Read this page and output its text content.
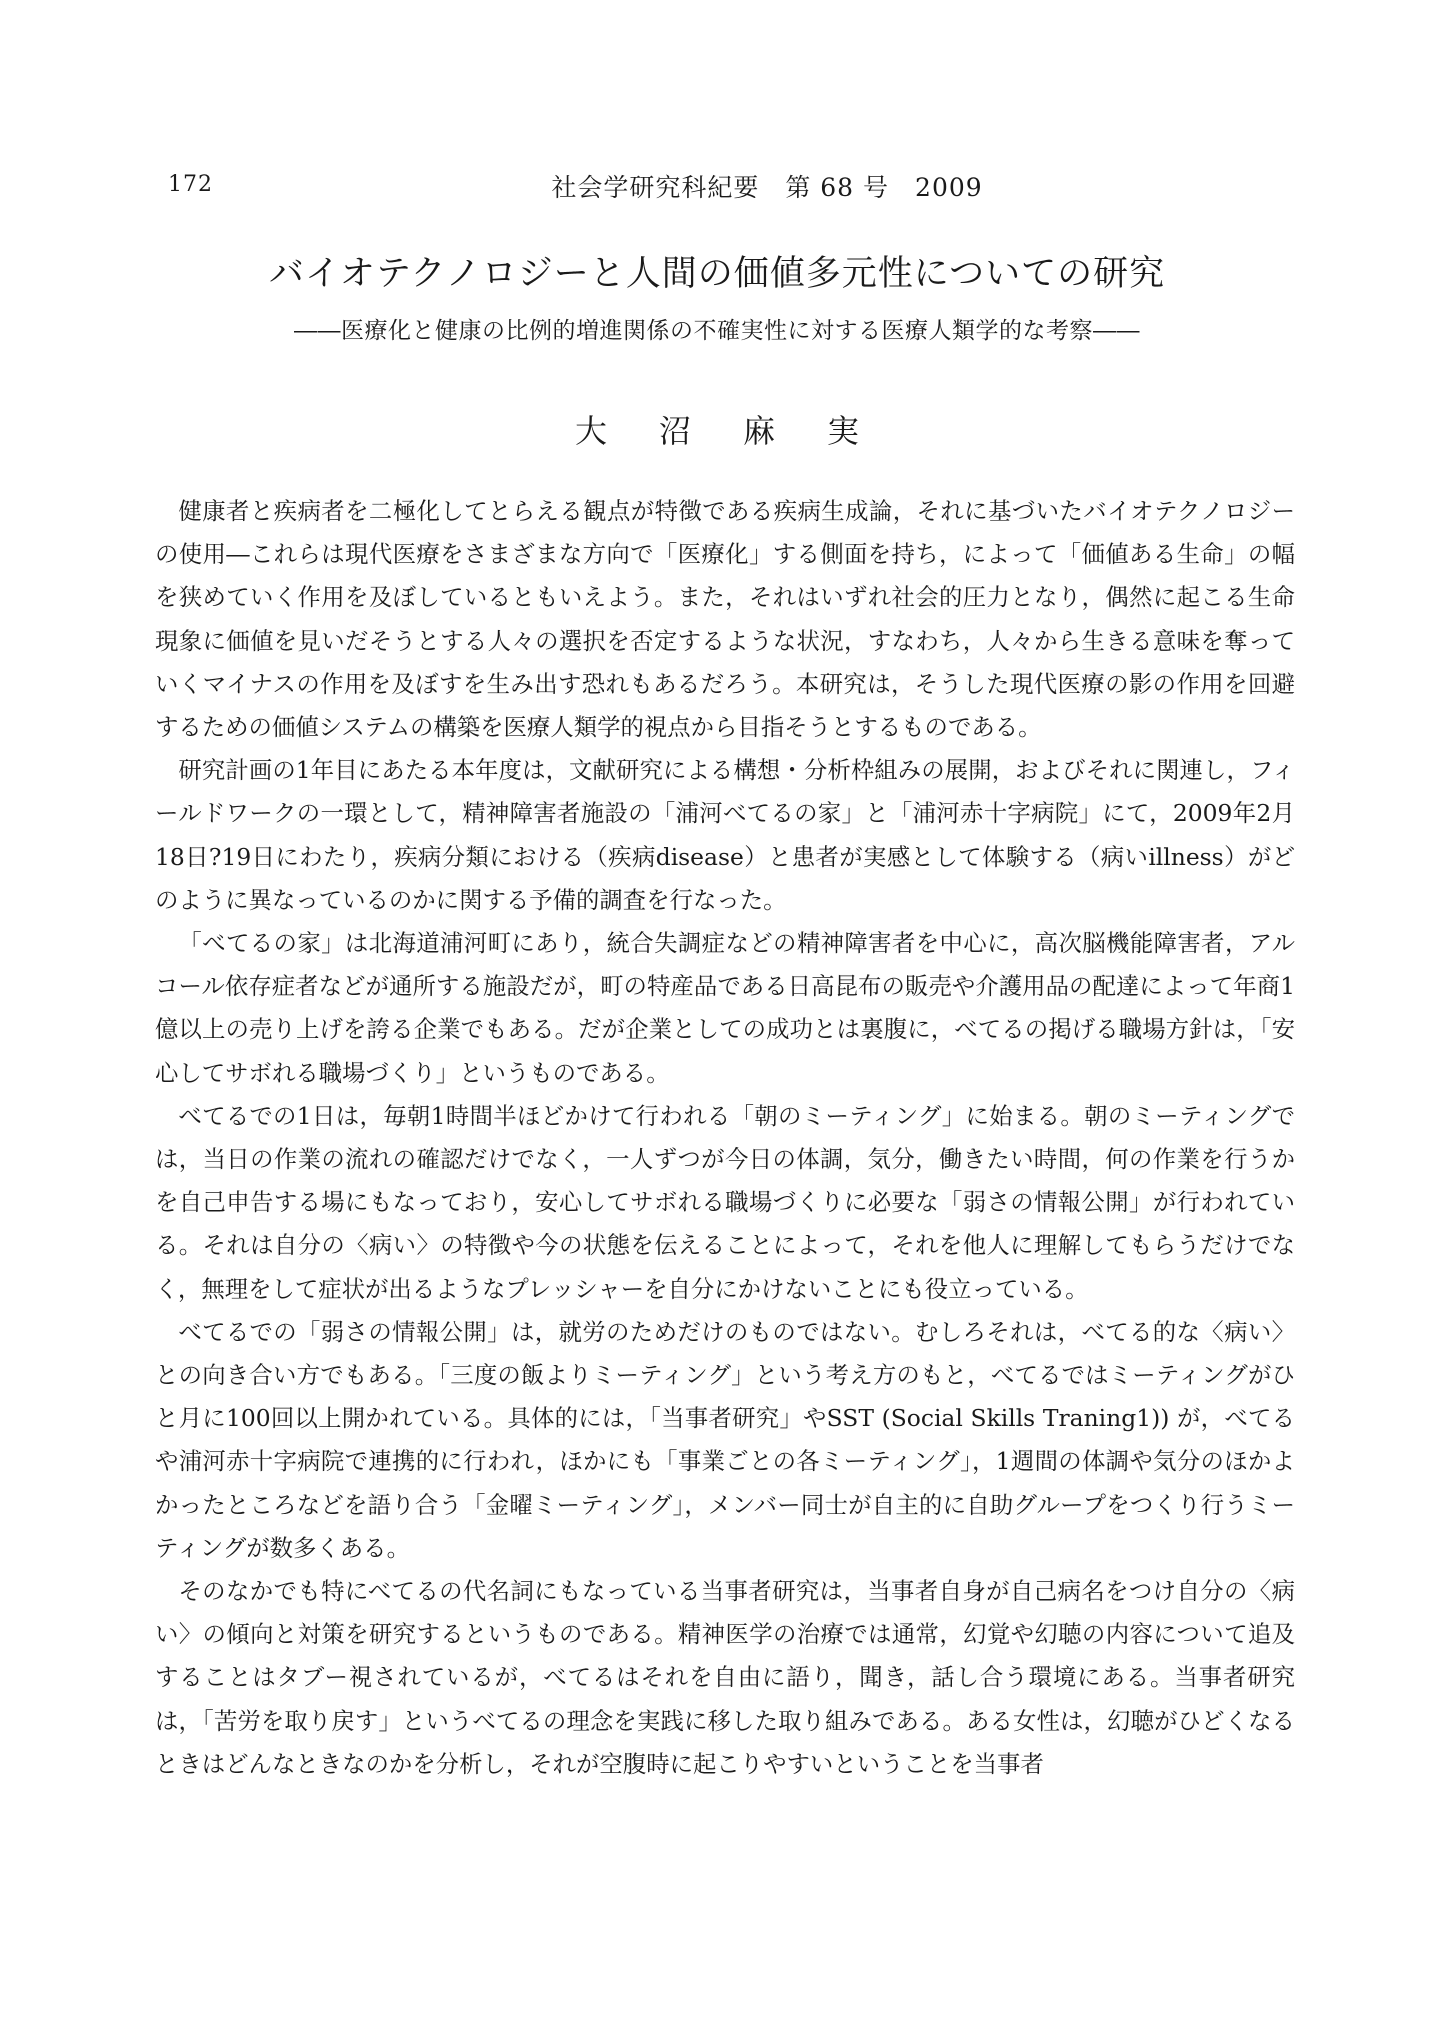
172	社会学研究科紀要　第 68 号　2009
バイオテクノロジーと人間の価値多元性についての研究
――医療化と健康の比例的増進関係の不確実性に対する医療人類学的な考察――
大沼麻実

健康者と疾病者を二極化してとらえる観点が特徴である疾病生成論，それに基づいたバイオテクノロジーの使用―これらは現代医療をさまざまな方向で「医療化」する側面を持ち，によって「価値ある生命」の幅を狭めていく作用を及ぼしているともいえよう。また，それはいずれ社会的圧力となり，偶然に起こる生命現象に価値を見いだそうとする人々の選択を否定するような状況，すなわち，人々から生きる意味を奪っていくマイナスの作用を及ぼすを生み出す恐れもあるだろう。本研究は，そうした現代医療の影の作用を回避するための価値システムの構築を医療人類学的視点から目指そうとするものである。

研究計画の1年目にあたる本年度は，文献研究による構想・分析枠組みの展開，およびそれに関連し，フィールドワークの一環として，精神障害者施設の「浦河べてるの家」と「浦河赤十字病院」にて，2009年2月18日?19日にわたり，疾病分類における（疾病disease）と患者が実感として体験する（病いillness）がどのように異なっているのかに関する予備的調査を行なった。

「べてるの家」は北海道浦河町にあり，統合失調症などの精神障害者を中心に，高次脳機能障害者，アルコール依存症者などが通所する施設だが，町の特産品である日高昆布の販売や介護用品の配達によって年商1億以上の売り上げを誇る企業でもある。だが企業としての成功とは裏腹に，べてるの掲げる職場方針は，「安心してサボれる職場づくり」というものである。

べてるでの1日は，毎朝1時間半ほどかけて行われる「朝のミーティング」に始まる。朝のミーティングでは，当日の作業の流れの確認だけでなく，一人ずつが今日の体調，気分，働きたい時間，何の作業を行うかを自己申告する場にもなっており，安心してサボれる職場づくりに必要な「弱さの情報公開」が行われている。それは自分の〈病い〉の特徴や今の状態を伝えることによって，それを他人に理解してもらうだけでなく，無理をして症状が出るようなプレッシャーを自分にかけないことにも役立っている。

べてるでの「弱さの情報公開」は，就労のためだけのものではない。むしろそれは，べてる的な〈病い〉との向き合い方でもある。「三度の飯よりミーティング」という考え方のもと，べてるではミーティングがひと月に100回以上開かれている。具体的には，「当事者研究」やSST (Social Skills Traning1)) が，べてるや浦河赤十字病院で連携的に行われ，ほかにも「事業ごとの各ミーティング」，1週間の体調や気分のほかよかったところなどを語り合う「金曜ミーティング」，メンバー同士が自主的に自助グループをつくり行うミーティングが数多くある。

そのなかでも特にべてるの代名詞にもなっている当事者研究は，当事者自身が自己病名をつけ自分の〈病い〉の傾向と対策を研究するというものである。精神医学の治療では通常，幻覚や幻聴の内容について追及することはタブー視されているが，べてるはそれを自由に語り，聞き，話し合う環境にある。当事者研究は，「苦労を取り戻す」というべてるの理念を実践に移した取り組みである。ある女性は，幻聴がひどくなるときはどんなときなのかを分析し，それが空腹時に起こりやすいということを当事者
